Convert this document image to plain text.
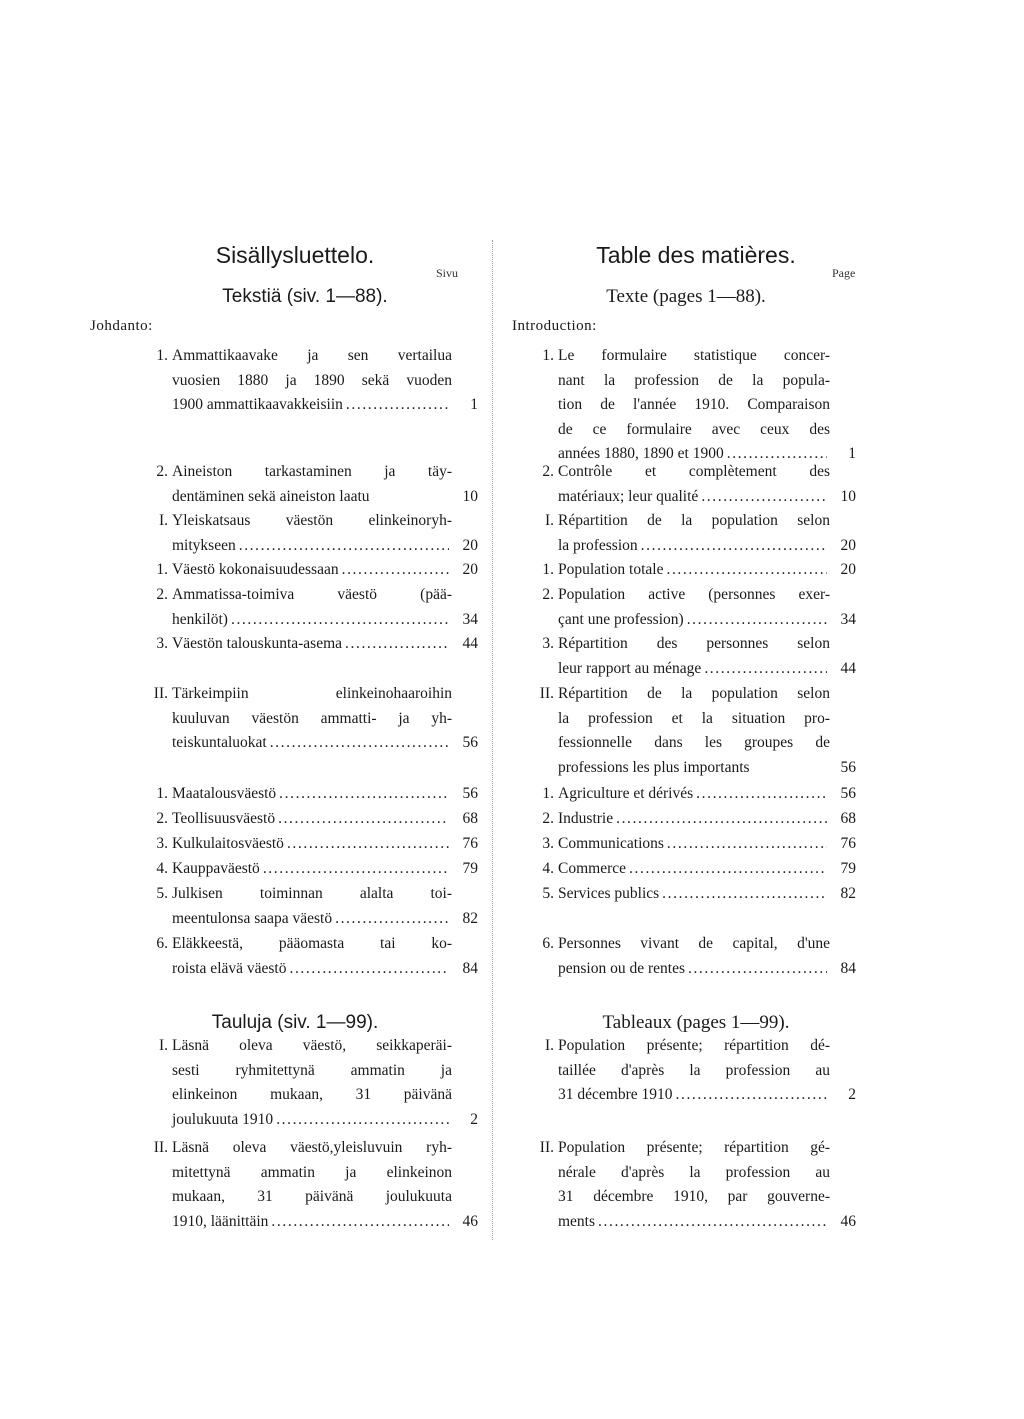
Sisällysluettelo.
Sivu
Tekstiä (siv. 1—88).
Johdanto:
1. Ammattikaavake ja sen vertailua
vuosien 1880 ja 1890 sekä vuoden
1900 ammattikaavakkeisiin .....	1
2. Aineiston tarkastaminen ja täy-
dentäminen sekä aineiston laatu	10
I. Yleiskatsaus väestön elinkeinoryh-
mitykseen .....	20
1. Väestö kokonaisuudessaan .....	20
2. Ammatissa-toimiva väestö (pää-
henkilöt) .....	34
3. Väestön talouskunta-asema .....	44
II. Tärkeimpiin elinkeinohaaroihin
kuuluvan väestön ammatti- ja yh-
teiskuntaluokat .....	56
1. Maatalousväestö .....	56
2. Teollisuusväestö .....	68
3. Kulkulaitosväestö .....	76
4. Kauppaväestö .....	79
5. Julkisen toiminnan alalta toi-
meentulonsa saapa väestö .....	82
6. Eläkkeestä, pääomasta tai ko-
roista elävä väestö .....	84
Tauluja (siv. 1—99).
I. Läsnä oleva väestö, seikkaperäi-
sesti ryhmitettynä ammatin ja
elinkeinon mukaan, 31 päivänä
joulukuuta 1910 .....	2
II. Läsnä oleva väestö,yleisluvuin ryh-
mitettynä ammatin ja elinkeinon
mukaan, 31 päivänä joulukuuta
1910, läänittäin .....	46
Table des matières.
Page
Texte (pages 1—88).
Introduction:
1. Le formulaire statistique concer-
nant la profession de la popula-
tion de l'année 1910. Comparaison
de ce formulaire avec ceux des
années 1880, 1890 et 1900 .....	1
2. Contrôle et complètement des
matériaux; leur qualité .....	10
I. Répartition de la population selon
la profession .....	20
1. Population totale .....	20
2. Population active (personnes exer-
çant une profession) .....	34
3. Répartition des personnes selon
leur rapport au ménage .....	44
II. Répartition de la population selon
la profession et la situation pro-
fessionnelle dans les groupes de
professions les plus importants	56
1. Agriculture et dérivés .....	56
2. Industrie .....	68
3. Communications .....	76
4. Commerce .....	79
5. Services publics .....	82
6. Personnes vivant de capital, d'une
pension ou de rentes .....	84
Tableaux (pages 1—99).
I. Population présente; répartition dé-
taillée d'après la profession au
31 décembre 1910 .....	2
II. Population présente; répartition gé-
nérale d'après la profession au
31 décembre 1910, par gouverne-
ments .....	46
